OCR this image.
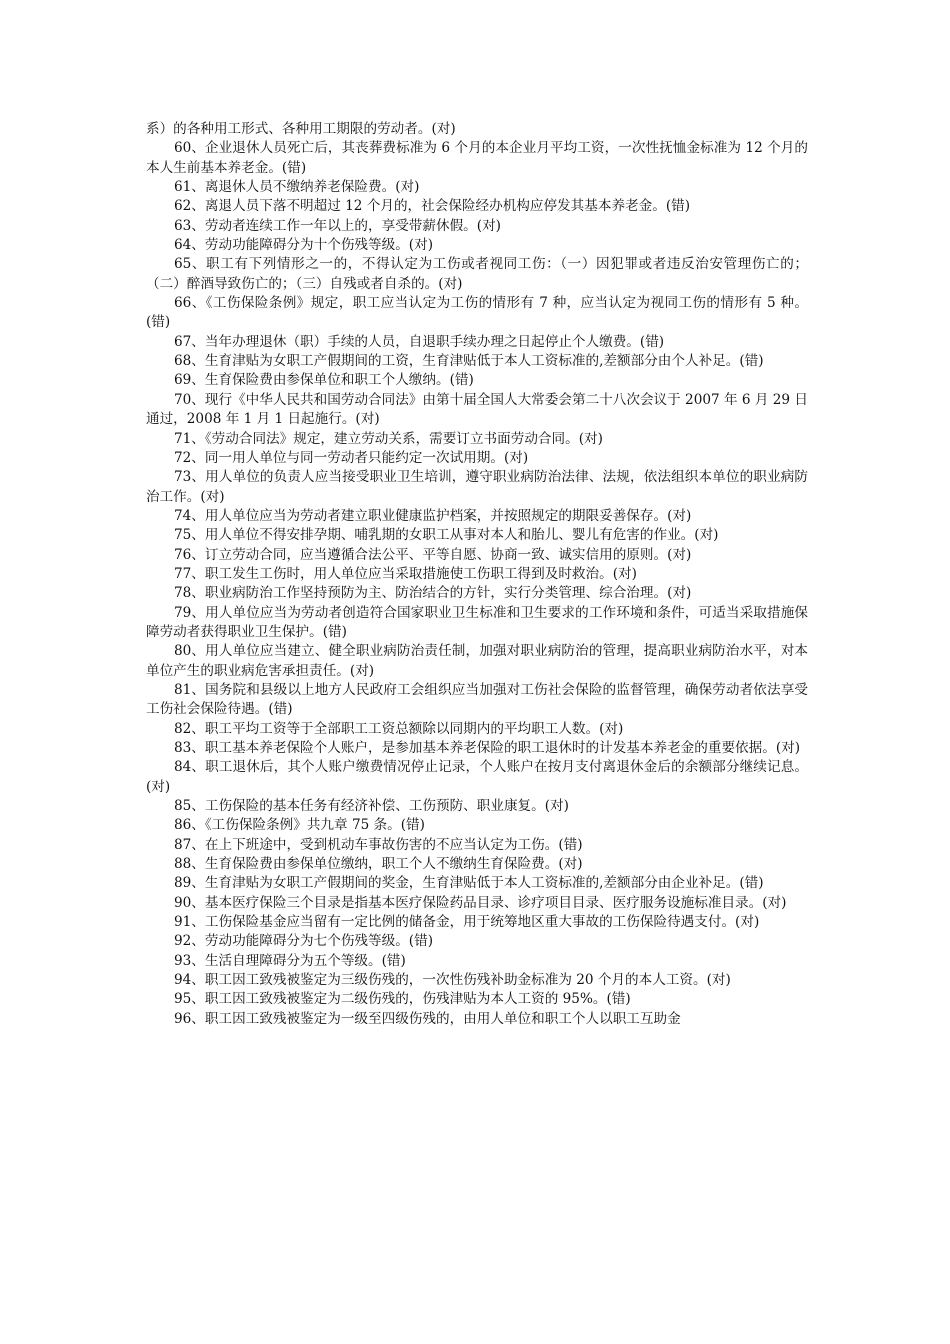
系）的各种用工形式、各种用工期限的劳动者。(对)

60、企业退休人员死亡后，其丧葬费标准为 6 个月的本企业月平均工资，一次性抚恤金标准为 12 个月的本人生前基本养老金。(错)

61、离退休人员不缴纳养老保险费。(对)

62、离退人员下落不明超过 12 个月的，社会保险经办机构应停发其基本养老金。(错)

63、劳动者连续工作一年以上的，享受带薪休假。(对)

64、劳动功能障碍分为十个伤残等级。(对)

65、职工有下列情形之一的，不得认定为工伤或者视同工伤：（一）因犯罪或者违反治安管理伤亡的；（二）醉酒导致伤亡的；（三）自残或者自杀的。(对)

66、《工伤保险条例》规定，职工应当认定为工伤的情形有 7 种，应当认定为视同工伤的情形有 5 种。(错)

67、当年办理退休（职）手续的人员，自退职手续办理之日起停止个人缴费。(错)

68、生育津贴为女职工产假期间的工资，生育津贴低于本人工资标准的,差额部分由个人补足。(错)

69、生育保险费由参保单位和职工个人缴纳。(错)

70、现行《中华人民共和国劳动合同法》由第十届全国人大常委会第二十八次会议于 2007 年 6 月 29 日通过，2008 年 1 月 1 日起施行。(对)

71、《劳动合同法》规定，建立劳动关系，需要订立书面劳动合同。(对)

72、同一用人单位与同一劳动者只能约定一次试用期。(对)

73、用人单位的负责人应当接受职业卫生培训，遵守职业病防治法律、法规，依法组织本单位的职业病防治工作。(对)

74、用人单位应当为劳动者建立职业健康监护档案，并按照规定的期限妥善保存。(对)

75、用人单位不得安排孕期、哺乳期的女职工从事对本人和胎儿、婴儿有危害的作业。(对)

76、订立劳动合同，应当遵循合法公平、平等自愿、协商一致、诚实信用的原则。(对)

77、职工发生工伤时，用人单位应当采取措施使工伤职工得到及时救治。(对)

78、职业病防治工作坚持预防为主、防治结合的方针，实行分类管理、综合治理。(对)

79、用人单位应当为劳动者创造符合国家职业卫生标准和卫生要求的工作环境和条件，可适当采取措施保障劳动者获得职业卫生保护。(错)

80、用人单位应当建立、健全职业病防治责任制，加强对职业病防治的管理，提高职业病防治水平，对本单位产生的职业病危害承担责任。(对)

81、国务院和县级以上地方人民政府工会组织应当加强对工伤社会保险的监督管理，确保劳动者依法享受工伤社会保险待遇。(错)

82、职工平均工资等于全部职工工资总额除以同期内的平均职工人数。(对)

83、职工基本养老保险个人账户，是参加基本养老保险的职工退休时的计发基本养老金的重要依据。(对)

84、职工退休后，其个人账户缴费情况停止记录，个人账户在按月支付离退休金后的余额部分继续记息。(对)

85、工伤保险的基本任务有经济补偿、工伤预防、职业康复。(对)

86、《工伤保险条例》共九章 75 条。(错)

87、在上下班途中，受到机动车事故伤害的不应当认定为工伤。(错)

88、生育保险费由参保单位缴纳，职工个人不缴纳生育保险费。(对)

89、生育津贴为女职工产假期间的奖金，生育津贴低于本人工资标准的,差额部分由企业补足。(错)

90、基本医疗保险三个目录是指基本医疗保险药品目录、诊疗项目目录、医疗服务设施标准目录。(对)

91、工伤保险基金应当留有一定比例的储备金，用于统筹地区重大事故的工伤保险待遇支付。(对)

92、劳动功能障碍分为七个伤残等级。(错)

93、生活自理障碍分为五个等级。(错)

94、职工因工致残被鉴定为三级伤残的，一次性伤残补助金标准为 20 个月的本人工资。(对)

95、职工因工致残被鉴定为二级伤残的，伤残津贴为本人工资的 95%。(错)

96、职工因工致残被鉴定为一级至四级伤残的，由用人单位和职工个人以职工互助金
